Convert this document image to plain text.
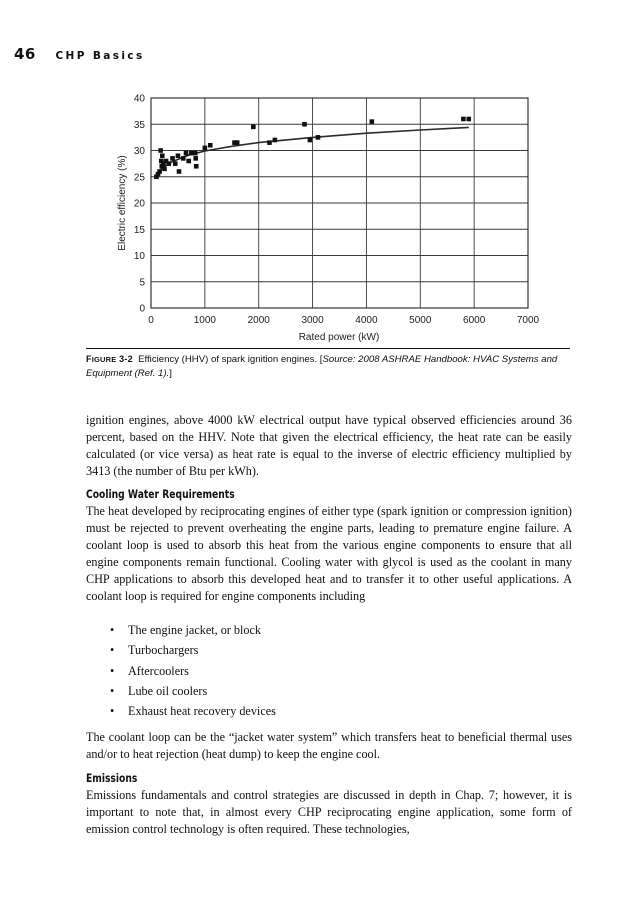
46 CHP Basics
0
5
10
15
20
25
30
35
40
0	1000	2000	3000	4000	5000	6000	7000
Electric efficiency (%)
Rated power (kW)
FIGURE 3-2 Efficiency (HHV) of spark ignition engines. [Source: 2008 ASHRAE Handbook: HVAC Systems and Equipment (Ref. 1).]

ignition engines, above 4000 kW electrical output have typical observed efficiencies around 36 percent, based on the HHV. Note that given the electrical efficiency, the heat rate can be easily calculated (or vice versa) as heat rate is equal to the inverse of electric efficiency multiplied by 3413 (the number of Btu per kWh).

Cooling Water Requirements

The heat developed by reciprocating engines of either type (spark ignition or compression ignition) must be rejected to prevent overheating the engine parts, leading to premature engine failure. A coolant loop is used to absorb this heat from the various engine components to ensure that all engine components remain functional. Cooling water with glycol is used as the coolant in many CHP applications to absorb this developed heat and to transfer it to other useful applications. A coolant loop is required for engine components including

• The engine jacket, or block
• Turbochargers
• Aftercoolers
• Lube oil coolers
• Exhaust heat recovery devices

The coolant loop can be the “jacket water system” which transfers heat to beneficial thermal uses and/or to heat rejection (heat dump) to keep the engine cool.

Emissions

Emissions fundamentals and control strategies are discussed in depth in Chap. 7; however, it is important to note that, in almost every CHP reciprocating engine application, some form of emission control technology is often required. These technologies,
